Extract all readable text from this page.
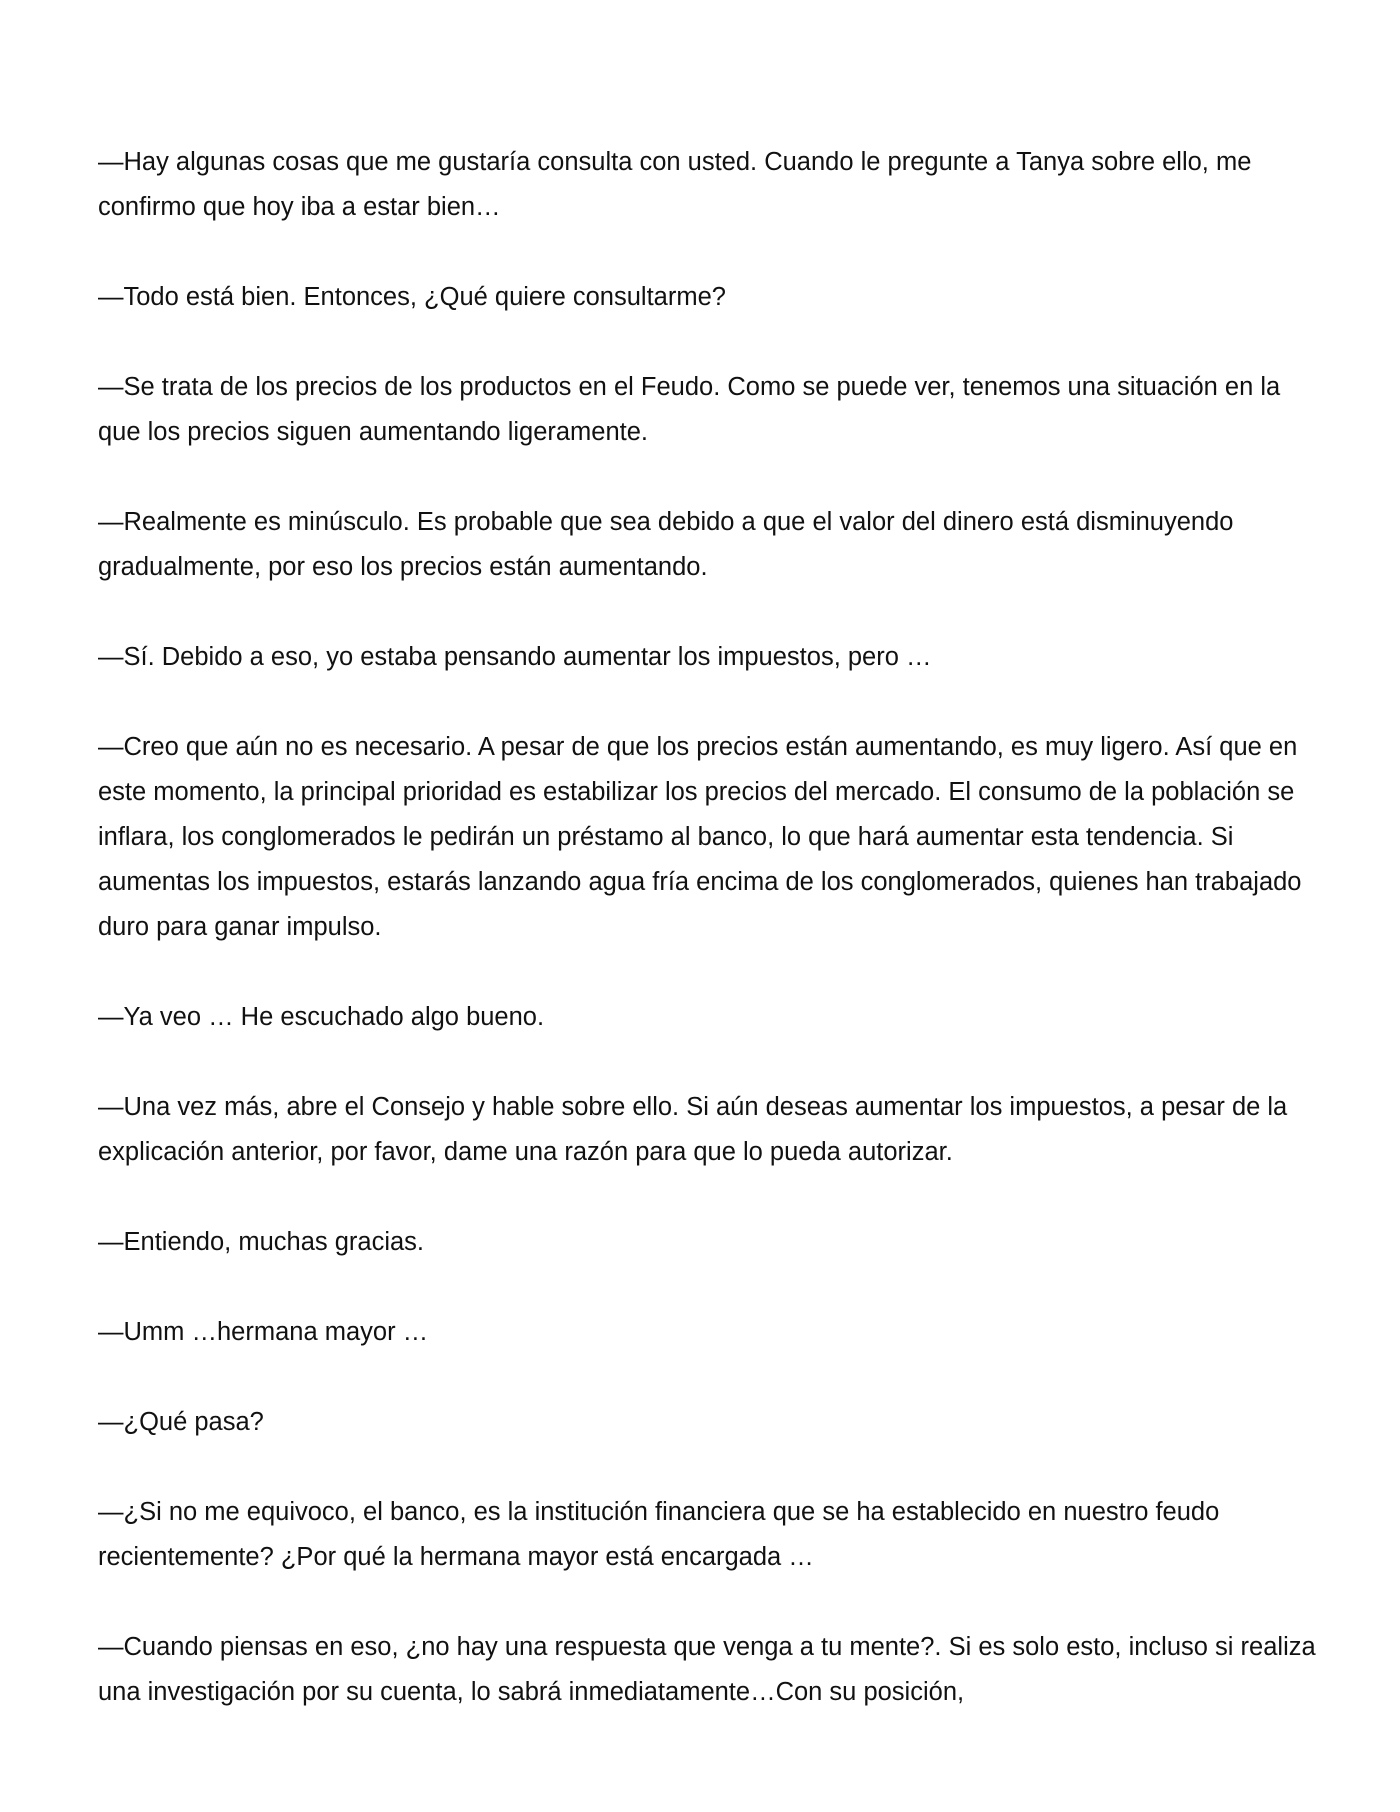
—Hay algunas cosas que me gustaría consulta con usted. Cuando le pregunte a Tanya sobre ello, me confirmo que hoy iba a estar bien…

—Todo está bien. Entonces, ¿Qué quiere consultarme?

—Se trata de los precios de los productos en el Feudo. Como se puede ver, tenemos una situación en la que los precios siguen aumentando ligeramente.

—Realmente es minúsculo. Es probable que sea debido a que el valor del dinero está disminuyendo gradualmente, por eso los precios están aumentando.

—Sí. Debido a eso, yo estaba pensando aumentar los impuestos, pero …

—Creo que aún no es necesario. A pesar de que los precios están aumentando, es muy ligero. Así que en este momento, la principal prioridad es estabilizar los precios del mercado. El consumo de la población se inflara, los conglomerados le pedirán un préstamo al banco, lo que hará aumentar esta tendencia. Si aumentas los impuestos, estarás lanzando agua fría encima de los conglomerados, quienes han trabajado duro para ganar impulso.

—Ya veo … He escuchado algo bueno.

—Una vez más, abre el Consejo y hable sobre ello. Si aún deseas aumentar los impuestos, a pesar de la explicación anterior, por favor, dame una razón para que lo pueda autorizar.

—Entiendo, muchas gracias.

—Umm …hermana mayor …

—¿Qué pasa?

—¿Si no me equivoco, el banco, es la institución financiera que se ha establecido en nuestro feudo recientemente? ¿Por qué la hermana mayor está encargada …

—Cuando piensas en eso, ¿no hay una respuesta que venga a tu mente?. Si es solo esto, incluso si realiza una investigación por su cuenta, lo sabrá inmediatamente…Con su posición,
